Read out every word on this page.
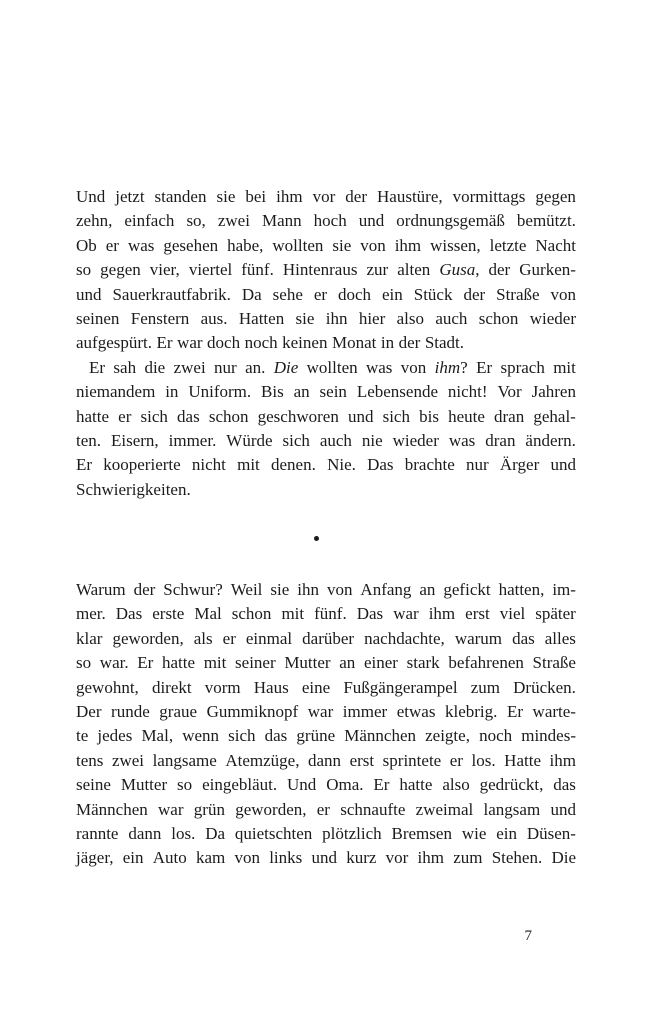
Und jetzt standen sie bei ihm vor der Haustüre, vormittags gegen
zehn, einfach so, zwei Mann hoch und ordnungsgemäß bemützt.
Ob er was gesehen habe, wollten sie von ihm wissen, letzte Nacht
so gegen vier, viertel fünf. Hintenraus zur alten Gusa, der Gurken-
und Sauerkrautfabrik. Da sehe er doch ein Stück der Straße von
seinen Fenstern aus. Hatten sie ihn hier also auch schon wieder
aufgespürt. Er war doch noch keinen Monat in der Stadt.
Er sah die zwei nur an. Die wollten was von ihm? Er sprach mit
niemandem in Uniform. Bis an sein Lebensende nicht! Vor Jahren
hatte er sich das schon geschworen und sich bis heute dran gehal-
ten. Eisern, immer. Würde sich auch nie wieder was dran ändern.
Er kooperierte nicht mit denen. Nie. Das brachte nur Ärger und
Schwierigkeiten.
Warum der Schwur? Weil sie ihn von Anfang an gefickt hatten, im-
mer. Das erste Mal schon mit fünf. Das war ihm erst viel später
klar geworden, als er einmal darüber nachdachte, warum das alles
so war. Er hatte mit seiner Mutter an einer stark befahrenen Straße
gewohnt, direkt vorm Haus eine Fußgängerampel zum Drücken.
Der runde graue Gummiknopf war immer etwas klebrig. Er warte-
te jedes Mal, wenn sich das grüne Männchen zeigte, noch mindes-
tens zwei langsame Atemzüge, dann erst sprintete er los. Hatte ihm
seine Mutter so eingebläut. Und Oma. Er hatte also gedrückt, das
Männchen war grün geworden, er schnaufte zweimal langsam und
rannte dann los. Da quietschten plötzlich Bremsen wie ein Düsen-
jäger, ein Auto kam von links und kurz vor ihm zum Stehen. Die
7
